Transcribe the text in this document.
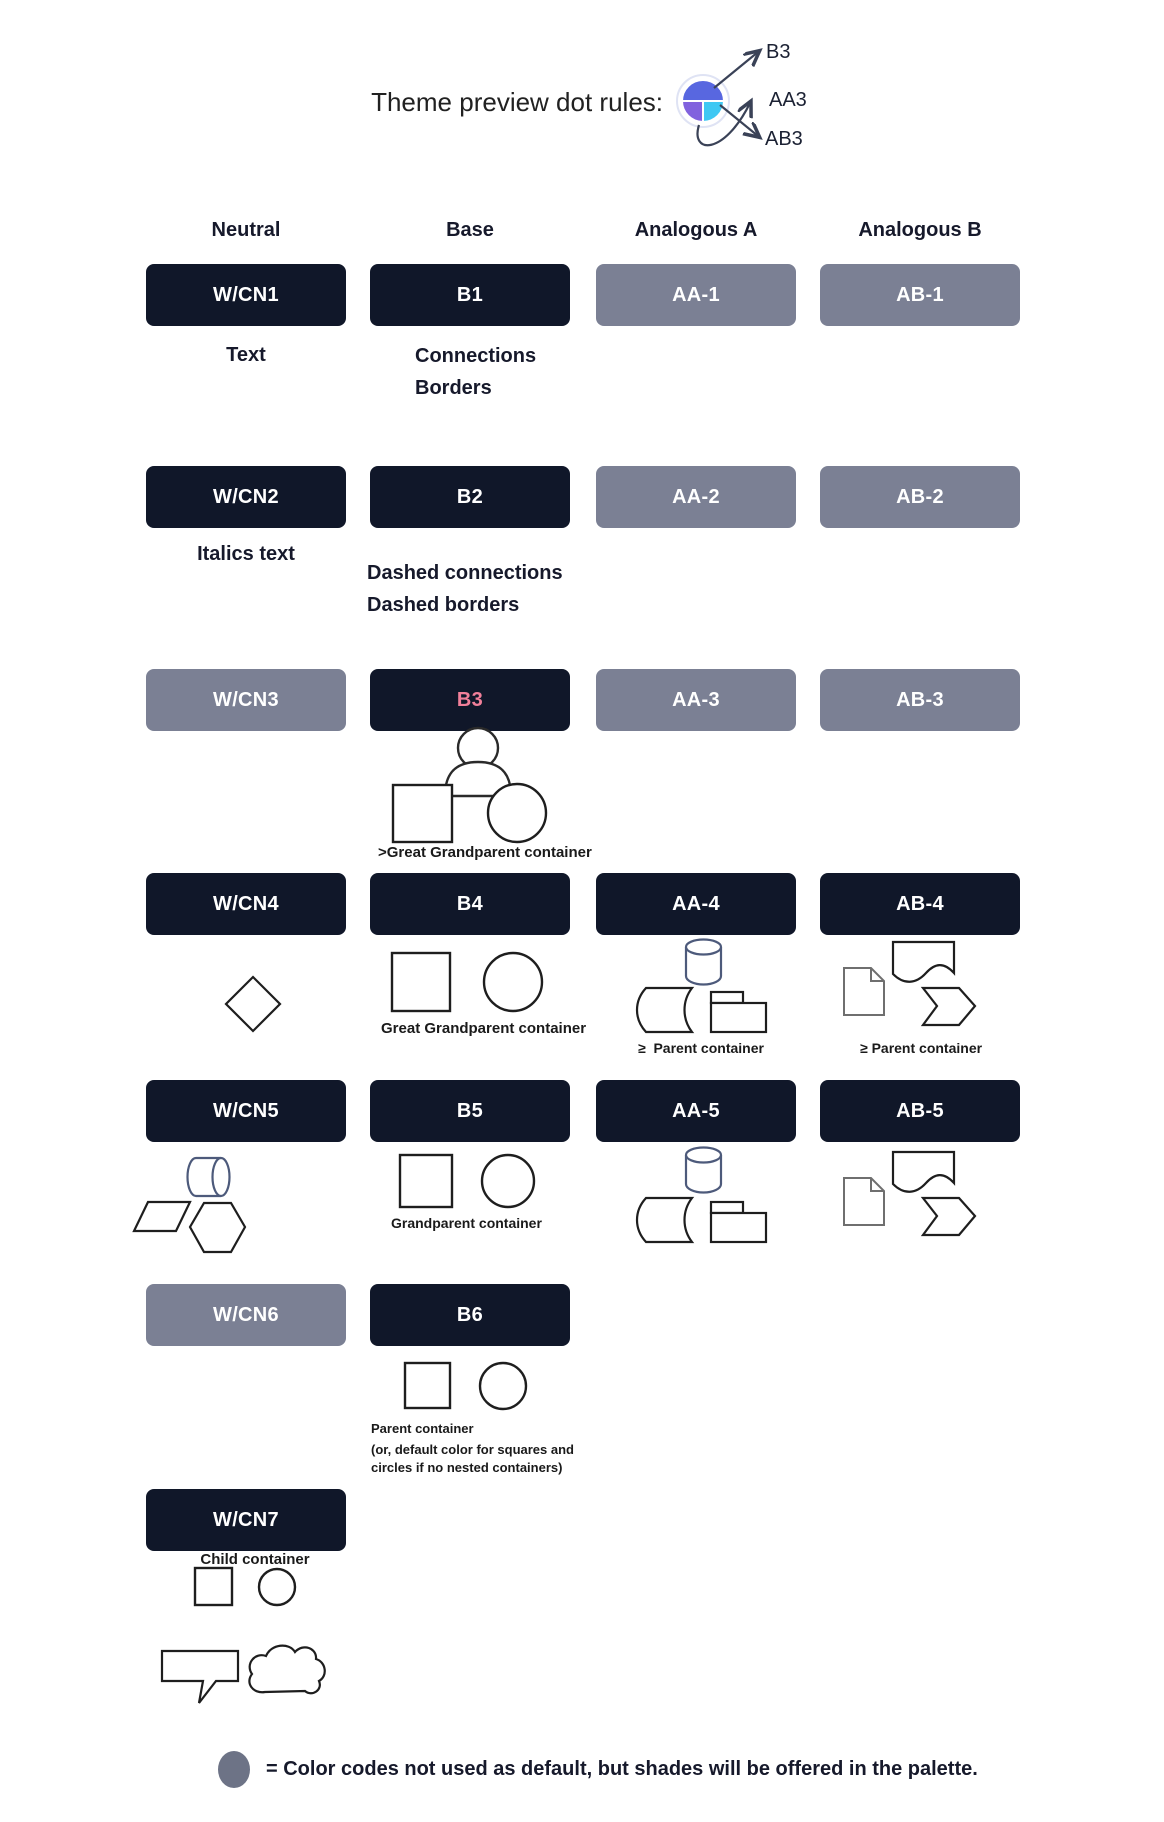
Theme preview dot rules:
B3
AA3
AB3
Neutral	Base	Analogous A	Analogous B
W/CN1	B1	AA-1	AB-1
Text	Connections
Borders
W/CN2	B2	AA-2	AB-2
Italics text
Dashed connections
Dashed borders
W/CN3	B3	AA-3	AB-3
>Great Grandparent container
W/CN4	B4	AA-4	AB-4
Great Grandparent container
≥  Parent container	≥ Parent container
W/CN5	B5	AA-5	AB-5
Grandparent container
W/CN6	B6
Parent container
(or, default color for squares and
circles if no nested containers)
W/CN7
Child container
= Color codes not used as default, but shades will be offered in the palette.
